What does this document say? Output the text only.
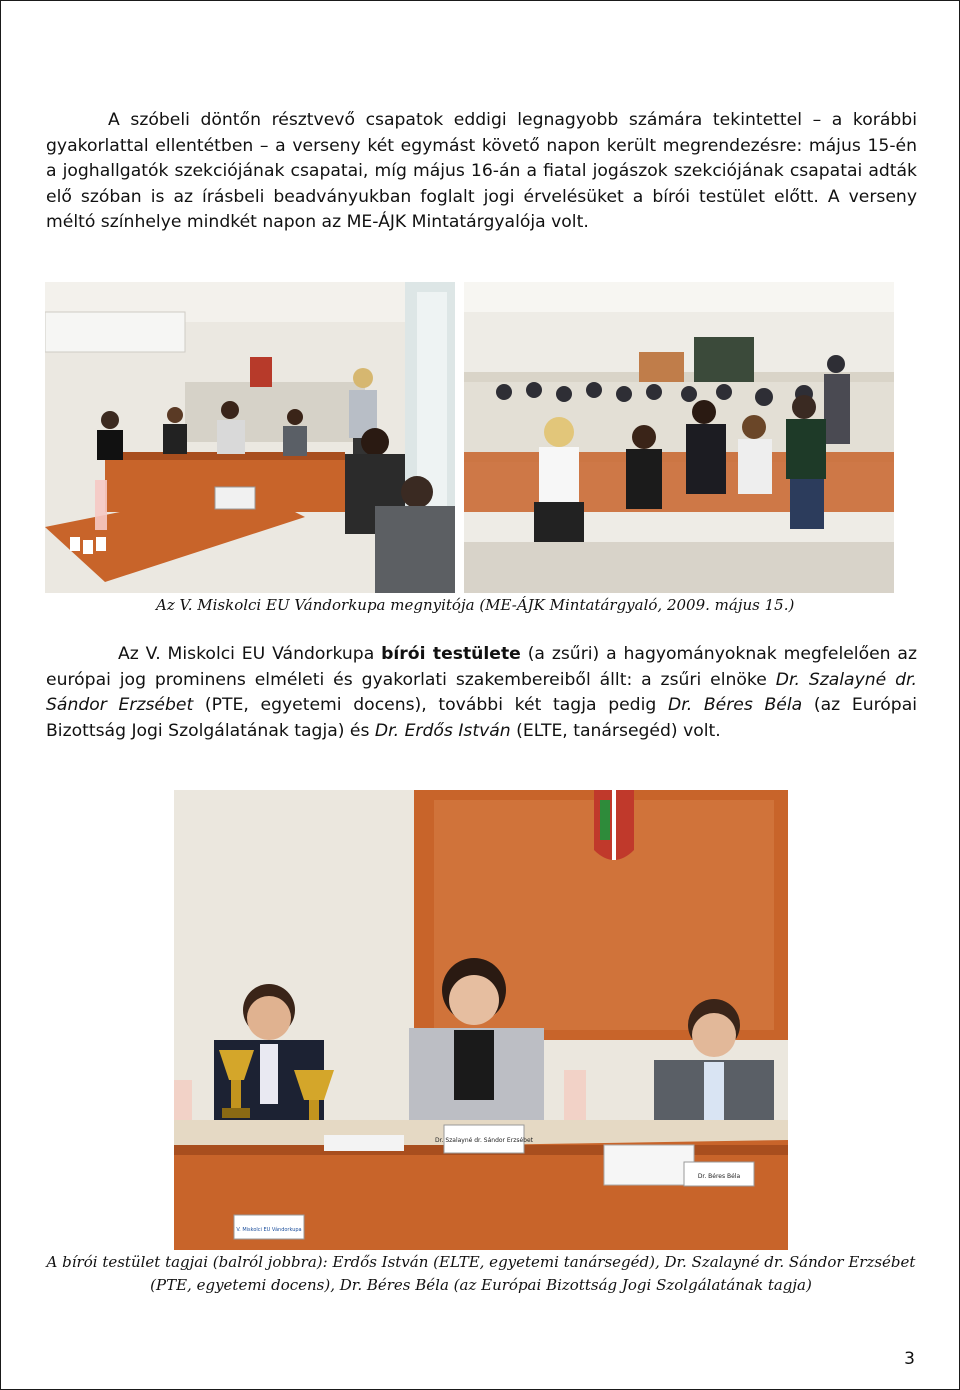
A szóbeli döntőn résztvevő csapatok eddigi legnagyobb számára tekintettel – a korábbi gyakorlattal ellentétben – a verseny két egymást követő napon került megrendezésre: május 15-én a joghallgatók szekciójának csapatai, míg május 16-án a fiatal jogászok szekciójának csapatai adták elő szóban is az írásbeli beadványukban foglalt jogi érvelésüket a bírói testület előtt. A verseny méltó színhelye mindkét napon az ME-ÁJK Mintatárgyalója volt.

Az V. Miskolci EU Vándorkupa megnyitója (ME-ÁJK Mintatárgyaló, 2009. május 15.)

Az V. Miskolci EU Vándorkupa bírói testülete (a zsűri) a hagyományoknak megfelelően az európai jog prominens elméleti és gyakorlati szakembereiből állt: a zsűri elnöke Dr. Szalayné dr. Sándor Erzsébet (PTE, egyetemi docens), további két tagja pedig Dr. Béres Béla (az Európai Bizottság Jogi Szolgálatának tagja) és Dr. Erdős István (ELTE, tanársegéd) volt.

Dr. Szalayné dr. Sándor Erzsébet
Dr. Béres Béla
V. Miskolci EU Vándorkupa

A bírói testület tagjai (balról jobbra): Erdős István (ELTE, egyetemi tanársegéd), Dr. Szalayné dr. Sándor Erzsébet (PTE, egyetemi docens), Dr. Béres Béla (az Európai Bizottság Jogi Szolgálatának tagja)

3
